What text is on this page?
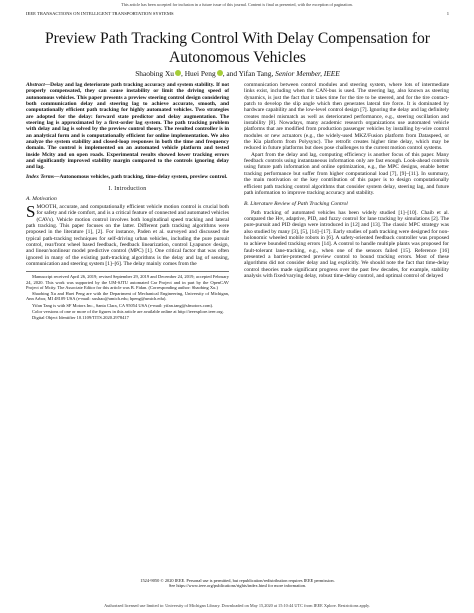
This article has been accepted for inclusion in a future issue of this journal. Content is final as presented, with the exception of pagination.
IEEE TRANSACTIONS ON INTELLIGENT TRANSPORTATION SYSTEMS	1
Preview Path Tracking Control With Delay Compensation for Autonomous Vehicles
Shaobing Xu , Huei Peng , and Yifan Tang, Senior Member, IEEE

Abstract—Delay and lag deteriorate path tracking accuracy and system stability. If not properly compensated, they can cause instability or limit the driving speed of autonomous vehicles. This paper presents a preview steering control design considering both communication delay and steering lag to achieve accurate, smooth, and computationally efficient path tracking for highly automated vehicles. Two strategies are adopted for the delay: forward state predictor and delay augmentation. The steering lag is approximated by a first-order lag system. The path tracking problem with delay and lag is solved by the preview control theory. The resulted controller is in an analytical form and is computationally efficient for online implementation. We also analyze the system stability and closed-loop responses in both the time and frequency domain. The control is implemented on an automated vehicle platform and tested inside Mcity and on open roads. Experimental results showed lower tracking errors and significantly improved stability margin compared to the controls ignoring delay and lag.

Index Terms—Autonomous vehicles, path tracking, time-delay system, preview control.

I. Introduction
A. Motivation

SMOOTH, accurate, and computationally efficient vehicle motion control is crucial both for safety and ride comfort, and is a critical feature of connected and automated vehicles (CAVs). Vehicle motion control involves both longitudinal speed tracking and lateral path tracking. This paper focuses on the latter. Different path tracking algorithms were proposed in the literature [1], [2]. For instance, Paden et al. surveyed and discussed the typical path-tracking techniques for self-driving urban vehicles, including the pure pursuit control, rear/front wheel based feedback, feedback linearization, control Lyapunov design, and linear/nonlinear model predictive control (MPC) [1]. One critical factor that was often ignored in many of the existing path-tracking algorithms is the delay and lag of sensing, communication and steering system [1]–[6]. The delay mainly comes from the

Manuscript received April 26, 2019; revised September 29, 2019 and December 24, 2019; accepted February 24, 2020. This work was supported by the UM-SJTU automated Car Project and in part by the OpenCAV Project of Mcity. The Associate Editor for this article was B. Fidan. (Corresponding author: Shaobing Xu.)

Shaobing Xu and Huei Peng are with the Department of Mechanical Engineering, University of Michigan, Ann Arbor, MI 48109 USA (e-mail: xushao@umich.edu; hpeng@umich.edu).

Yifan Tang is with SF Motors Inc., Santa Clara, CA 95054 USA (e-mail: yifan.tang@sfmotors.com).

Color versions of one or more of the figures in this article are available online at http://ieeexplore.ieee.org.

Digital Object Identifier 10.1109/TITS.2020.2978417

communication between control modules and steering system, where lots of intermediate links exist, including when the CAN-bus is used. The steering lag, also known as steering dynamics, is just the fact that it takes time for the tire to be steered, and for the tire contact-patch to develop the slip angle which then generates lateral tire force. It is dominated by hardware capability and the low-level control design [7]. Ignoring the delay and lag definitely creates model mismatch as well as deteriorated performance, e.g., steering oscillation and instability [8]. Nowadays, many academic research organizations use automated vehicle platforms that are modified from production passenger vehicles by installing by-wire control modules or new actuators (e.g., the widely-used MKZ/Fusion platform from Dataspeed, or the Kia platform from Polysync). The retrofit creates higher time delay, which may be reduced in future platforms but does pose challenges to the current motion control systems.

Apart from the delay and lag, computing efficiency is another focus of this paper. Many feedback controls using instantaneous information only are fast enough. Look-ahead controls using future path information and online optimization, e.g., the MPC designs, enable better tracking performance but suffer from higher computational load [7], [9]–[11]. In summary, the main motivation or the key contribution of this paper is to design computationally efficient path tracking control algorithms that consider system delay, steering lag, and future path information to improve tracking accuracy and stability.

B. Literature Review of Path Tracking Control

Path tracking of automated vehicles has been widely studied [1]–[10]. Chaib et al. compared the H∞, adaptive, PID, and fuzzy control for lane tracking by simulations [2]. The pure-pursuit and PID design were introduced in [12] and [13]. The classic MPC strategy was also studied by many [3], [5], [14]–[17]. Early studies of path tracking were designed for non-holonomic wheeled mobile robots in [6]. A safety-oriented feedback controller was proposed to achieve bounded tracking errors [14]. A control to handle multiple plants was proposed for fault-tolerant lane-tracking, e.g., when one of the sensors failed [15]. Reference [16] presented a barrier-protected preview control to bound tracking errors. Most of these algorithms did not consider delay and lag explicitly. We should note the fact that time-delay control theories made significant progress over the past few decades, for example, stability analysis with fixed/varying delay, robust time-delay control, and optimal control of delayed

1524-9050 © 2020 IEEE. Personal use is permitted, but republication/redistribution requires IEEE permission.
See https://www.ieee.org/publications/rights/index.html for more information.
Authorized licensed use limited to: University of Michigan Library. Downloaded on May 15,2020 at 15:10:44 UTC from IEEE Xplore. Restrictions apply.
